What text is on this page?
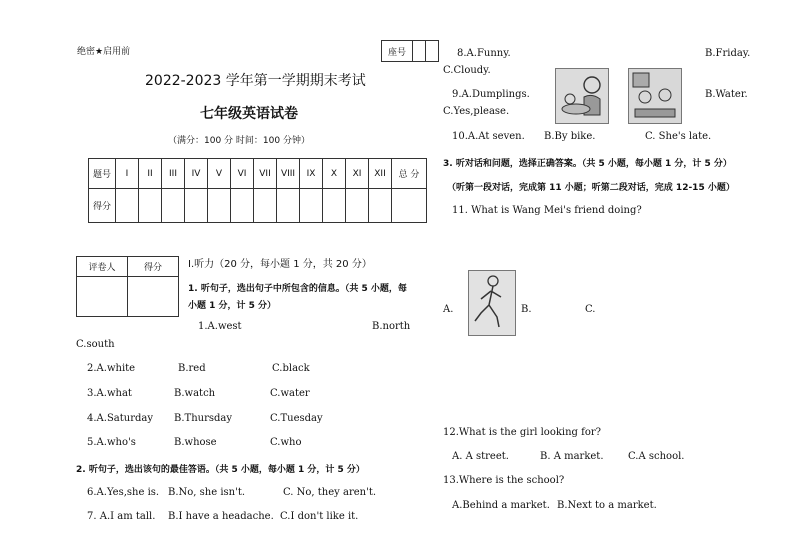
绝密★启用前	座号		
2022-2023 学年第一学期期末考试
七年级英语试卷
（满分：100 分 时间：100 分钟）
题号	I	II	III	IV	V	VI	VII	VIII	IX	X	XI	XII	总 分
得分													
评卷人	得分
		Ⅰ.听力（20 分，每小题 1 分，共 20 分）
1. 听句子，选出句子中所包含的信息。（共 5 小题，每
小题 1 分，计 5 分）
1.A.west	B.north
C.south
2.A.white	B.red	C.black
3.A.what	B.watch	C.water
4.A.Saturday B.Thursday	C.Tuesday
5.A.who's	B.whose	C.who
2. 听句子，选出该句的最佳答语。（共 5 小题，每小题 1 分，计 5 分）
6.A.Yes,she is. B.No, she isn't.	C. No, they aren't.
7. A.I am tall. B.I have a headache. C.I don't like it.
8.A.Funny.	B.Friday.
C.Cloudy.
9.A.Dumplings.	B.Water.
C.Yes,please.
10.A.At seven. B.By bike.	C. She's late.
3. 听对话和问题，选择正确答案。（共 5 小题，每小题 1 分，计 5 分）
（听第一段对话，完成第 11 小题；听第二段对话，完成 12-15 小题）
11. What is Wang Mei's friend doing?
A.	B.	C.
12.What is the girl looking for?
A. A street.	B. A market. C.A school.
13.Where is the school?
A.Behind a market. B.Next to a market.
